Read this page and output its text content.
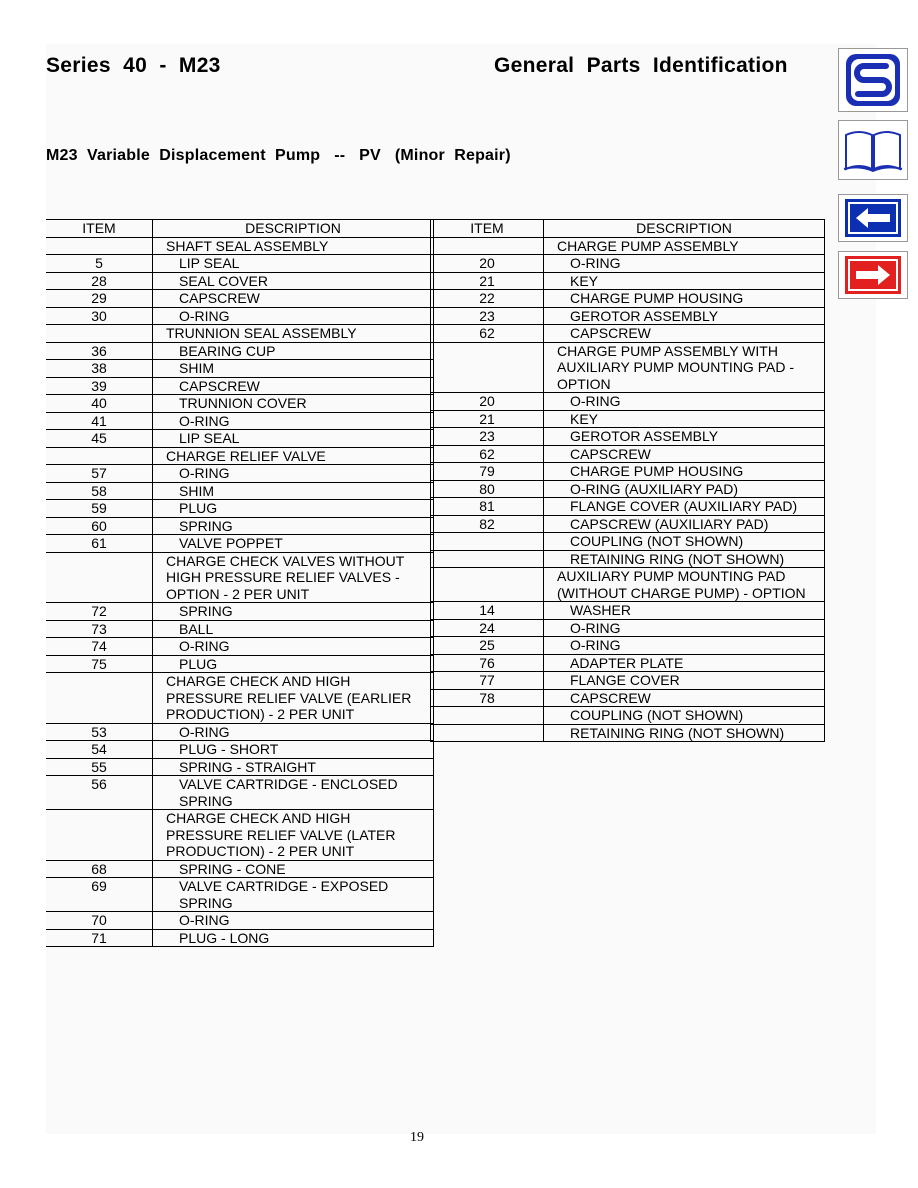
Series  40  -  M23	General  Parts  Identification
M23  Variable  Displacement  Pump   --   PV   (Minor  Repair)
ITEM	DESCRIPTION
	SHAFT SEAL ASSEMBLY
5	LIP SEAL
28	SEAL COVER
29	CAPSCREW
30	O-RING
	TRUNNION SEAL ASSEMBLY
36	BEARING CUP
38	SHIM
39	CAPSCREW
40	TRUNNION COVER
41	O-RING
45	LIP SEAL
	CHARGE RELIEF VALVE
57	O-RING
58	SHIM
59	PLUG
60	SPRING
61	VALVE POPPET
	CHARGE CHECK VALVES WITHOUT HIGH PRESSURE RELIEF VALVES - OPTION - 2 PER UNIT
72	SPRING
73	BALL
74	O-RING
75	PLUG
	CHARGE CHECK AND HIGH PRESSURE RELIEF VALVE (EARLIER PRODUCTION) - 2 PER UNIT
53	O-RING
54	PLUG - SHORT
55	SPRING - STRAIGHT
56	VALVE CARTRIDGE - ENCLOSED SPRING
	CHARGE CHECK AND HIGH PRESSURE RELIEF VALVE (LATER PRODUCTION) - 2 PER UNIT
68	SPRING - CONE
69	VALVE CARTRIDGE - EXPOSED SPRING
70	O-RING
71	PLUG - LONG
ITEM	DESCRIPTION
	CHARGE PUMP ASSEMBLY
20	O-RING
21	KEY
22	CHARGE PUMP HOUSING
23	GEROTOR ASSEMBLY
62	CAPSCREW
	CHARGE PUMP ASSEMBLY WITH AUXILIARY PUMP MOUNTING PAD - OPTION
20	O-RING
21	KEY
23	GEROTOR ASSEMBLY
62	CAPSCREW
79	CHARGE PUMP HOUSING
80	O-RING (AUXILIARY PAD)
81	FLANGE COVER (AUXILIARY PAD)
82	CAPSCREW (AUXILIARY PAD)
	COUPLING (NOT SHOWN)
	RETAINING RING (NOT SHOWN)
	AUXILIARY PUMP MOUNTING PAD (WITHOUT CHARGE PUMP) - OPTION
14	WASHER
24	O-RING
25	O-RING
76	ADAPTER PLATE
77	FLANGE COVER
78	CAPSCREW
	COUPLING (NOT SHOWN)
	RETAINING RING (NOT SHOWN)
19
